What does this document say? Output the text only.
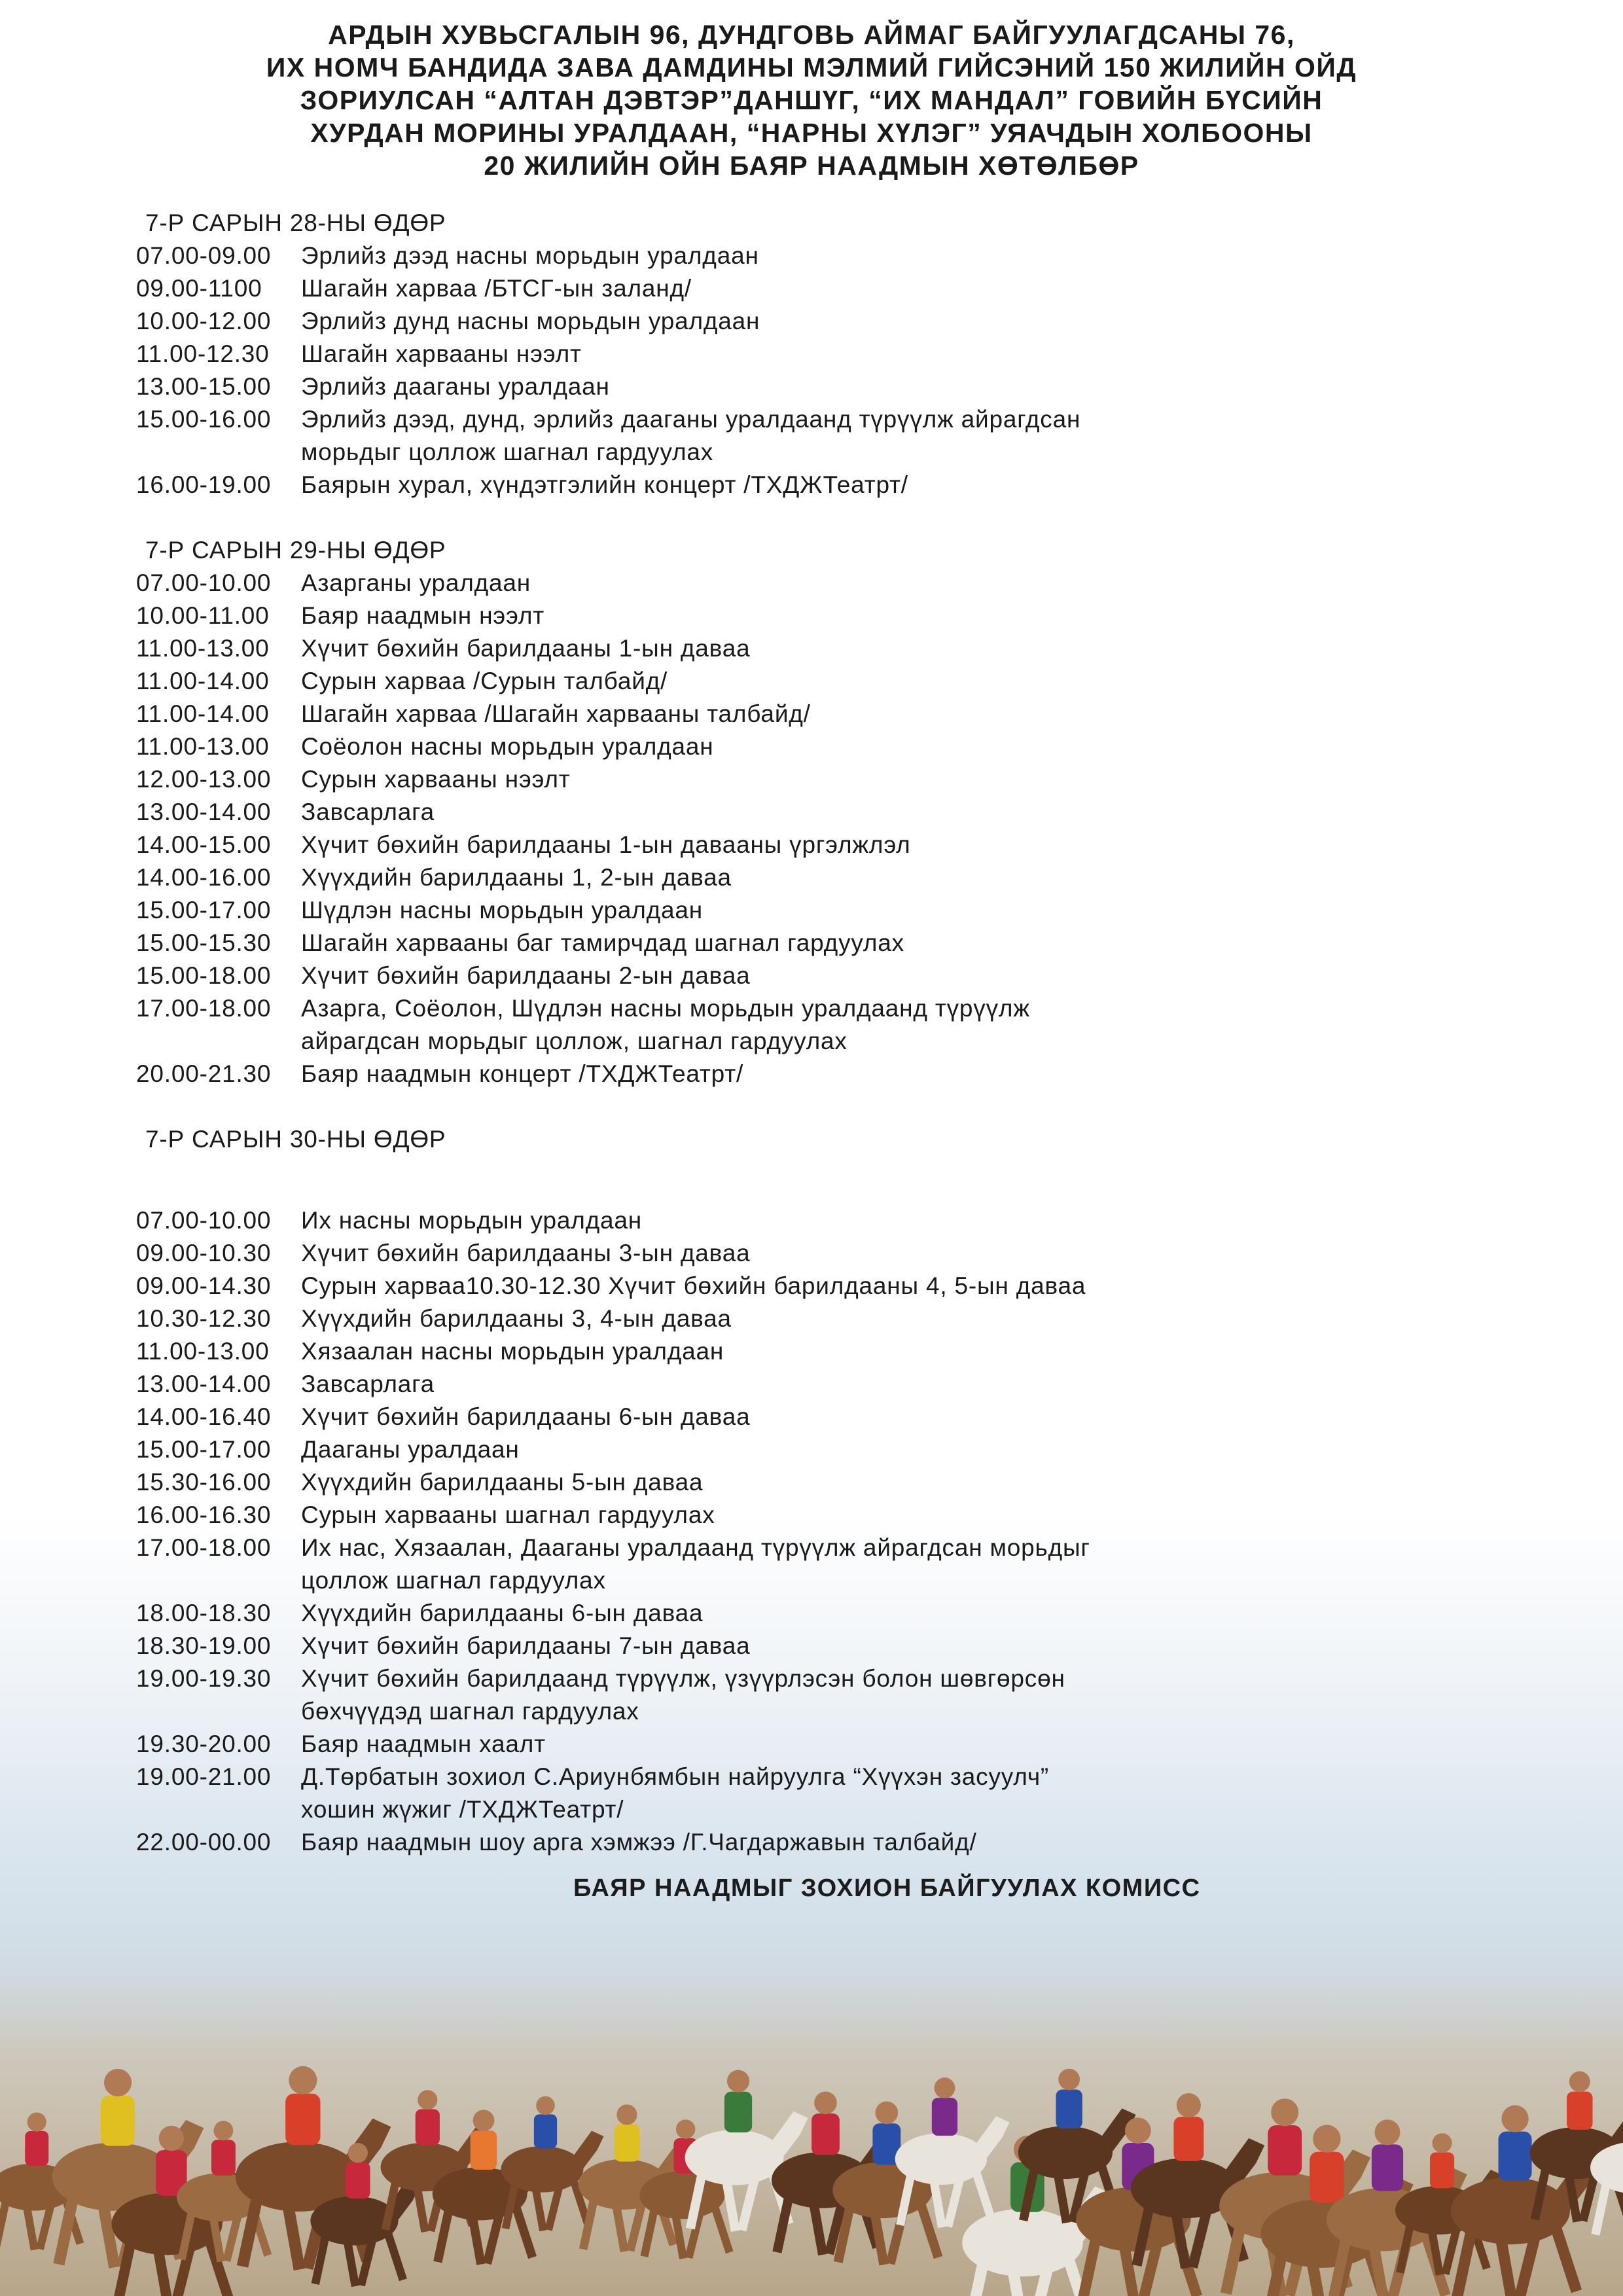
АРДЫН ХУВЬСГАЛЫН 96, ДУНДГОВЬ АЙМАГ БАЙГУУЛАГДСАНЫ 76,
ИХ НОМЧ БАНДИДА ЗАВА ДАМДИНЫ МЭЛМИЙ ГИЙСЭНИЙ 150 ЖИЛИЙН ОЙД
ЗОРИУЛСАН “АЛТАН ДЭВТЭР”ДАНШҮГ, “ИХ МАНДАЛ” ГОВИЙН БҮСИЙН
ХУРДАН МОРИНЫ УРАЛДААН, “НАРНЫ ХҮЛЭГ” УЯАЧДЫН ХОЛБООНЫ
20 ЖИЛИЙН ОЙН БАЯР НААДМЫН ХӨТӨЛБӨР
7-Р САРЫН 28-НЫ ӨДӨР
07.00-09.00	Эрлийз дээд насны морьдын уралдаан
09.00-1100	Шагайн харваа /БТСГ-ын заланд/
10.00-12.00	Эрлийз дунд насны морьдын уралдаан
11.00-12.30	Шагайн харвааны нээлт
13.00-15.00	Эрлийз дааганы уралдаан
15.00-16.00	Эрлийз дээд, дунд, эрлийз дааганы уралдаанд түрүүлж айрагдсан
морьдыг цоллож шагнал гардуулах
16.00-19.00	Баярын хурал, хүндэтгэлийн концерт /ТХДЖТеатрт/
7-Р САРЫН 29-НЫ ӨДӨР
07.00-10.00	Азарганы уралдаан
10.00-11.00	Баяр наадмын нээлт
11.00-13.00	Хүчит бөхийн барилдааны 1-ын даваа
11.00-14.00	Сурын харваа /Сурын талбайд/
11.00-14.00	Шагайн харваа /Шагайн харвааны талбайд/
11.00-13.00	Соёолон насны морьдын уралдаан
12.00-13.00	Сурын харвааны нээлт
13.00-14.00	Завсарлага
14.00-15.00	Хүчит бөхийн барилдааны 1-ын давааны үргэлжлэл
14.00-16.00	Хүүхдийн барилдааны 1, 2-ын даваа
15.00-17.00	Шүдлэн насны морьдын уралдаан
15.00-15.30	Шагайн харвааны баг тамирчдад шагнал гардуулах
15.00-18.00	Хүчит бөхийн барилдааны 2-ын даваа
17.00-18.00	Азарга, Соёолон, Шүдлэн насны морьдын уралдаанд түрүүлж
айрагдсан морьдыг цоллож, шагнал гардуулах
20.00-21.30	Баяр наадмын концерт /ТХДЖТеатрт/
7-Р САРЫН 30-НЫ ӨДӨР
07.00-10.00	Их насны морьдын уралдаан
09.00-10.30	Хүчит бөхийн барилдааны 3-ын даваа
09.00-14.30	Сурын харваа10.30-12.30 Хүчит бөхийн барилдааны 4, 5-ын даваа
10.30-12.30	Хүүхдийн барилдааны 3, 4-ын даваа
11.00-13.00	Хязаалан насны морьдын уралдаан
13.00-14.00	Завсарлага
14.00-16.40	Хүчит бөхийн барилдааны 6-ын даваа
15.00-17.00	Дааганы уралдаан
15.30-16.00	Хүүхдийн барилдааны 5-ын даваа
16.00-16.30	Сурын харвааны шагнал гардуулах
17.00-18.00	Их нас, Хязаалан, Дааганы уралдаанд түрүүлж айрагдсан морьдыг
цоллож шагнал гардуулах
18.00-18.30	Хүүхдийн барилдааны 6-ын даваа
18.30-19.00	Хүчит бөхийн барилдааны 7-ын даваа
19.00-19.30	Хүчит бөхийн барилдаанд түрүүлж, үзүүрлэсэн болон шөвгөрсөн
бөхчүүдэд шагнал гардуулах
19.30-20.00	Баяр наадмын хаалт
19.00-21.00	Д.Төрбатын зохиол С.Ариунбямбын найруулга “Хүүхэн засуулч”
хошин жүжиг /ТХДЖТеатрт/
22.00-00.00	Баяр наадмын шоу арга хэмжээ /Г.Чагдаржавын талбайд/
БАЯР НААДМЫГ ЗОХИОН БАЙГУУЛАХ КОМИСС
